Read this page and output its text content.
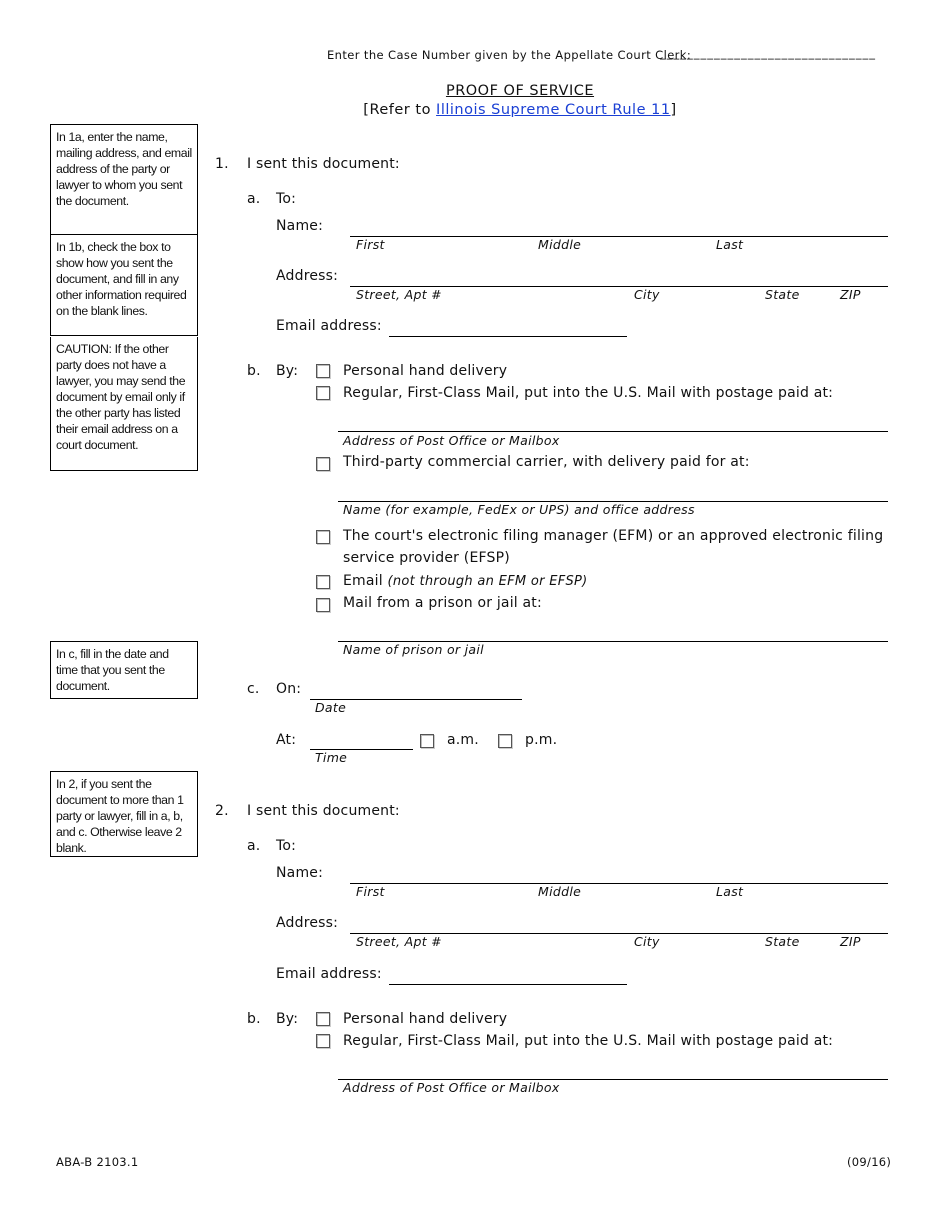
Enter the Case Number given by the Appellate Court Clerk:
________________________________
PROOF OF SERVICE
[Refer to Illinois Supreme Court Rule 11]
In 1a, enter the name, mailing address, and email address of the party or lawyer to whom you sent the document.
In 1b, check the box to show how you sent the document, and fill in any other information required on the blank lines.
CAUTION: If the other party does not have a lawyer, you may send the document by email only if the other party has listed their email address on a court document.
In c, fill in the date and time that you sent the document.
In 2, if you sent the document to more than 1 party or lawyer, fill in a, b, and c. Otherwise leave 2 blank.
1. I sent this document:
a. To:
Name:
First	Middle	Last
Address:
Street, Apt #	City	State	ZIP
Email address:
b. By:	Personal hand delivery
Regular, First-Class Mail, put into the U.S. Mail with postage paid at:
Address of Post Office or Mailbox
Third-party commercial carrier, with delivery paid for at:
Name (for example, FedEx or UPS) and office address
The court's electronic filing manager (EFM) or an approved electronic filing
service provider (EFSP)
Email (not through an EFM or EFSP)
Mail from a prison or jail at:
Name of prison or jail
c. On:
Date
At:
Time
a.m.	p.m.
2. I sent this document:
a. To:
Name:
First	Middle	Last
Address:
Street, Apt #	City	State	ZIP
Email address:
b. By:	Personal hand delivery
Regular, First-Class Mail, put into the U.S. Mail with postage paid at:
Address of Post Office or Mailbox
ABA-B 2103.1	(09/16)
